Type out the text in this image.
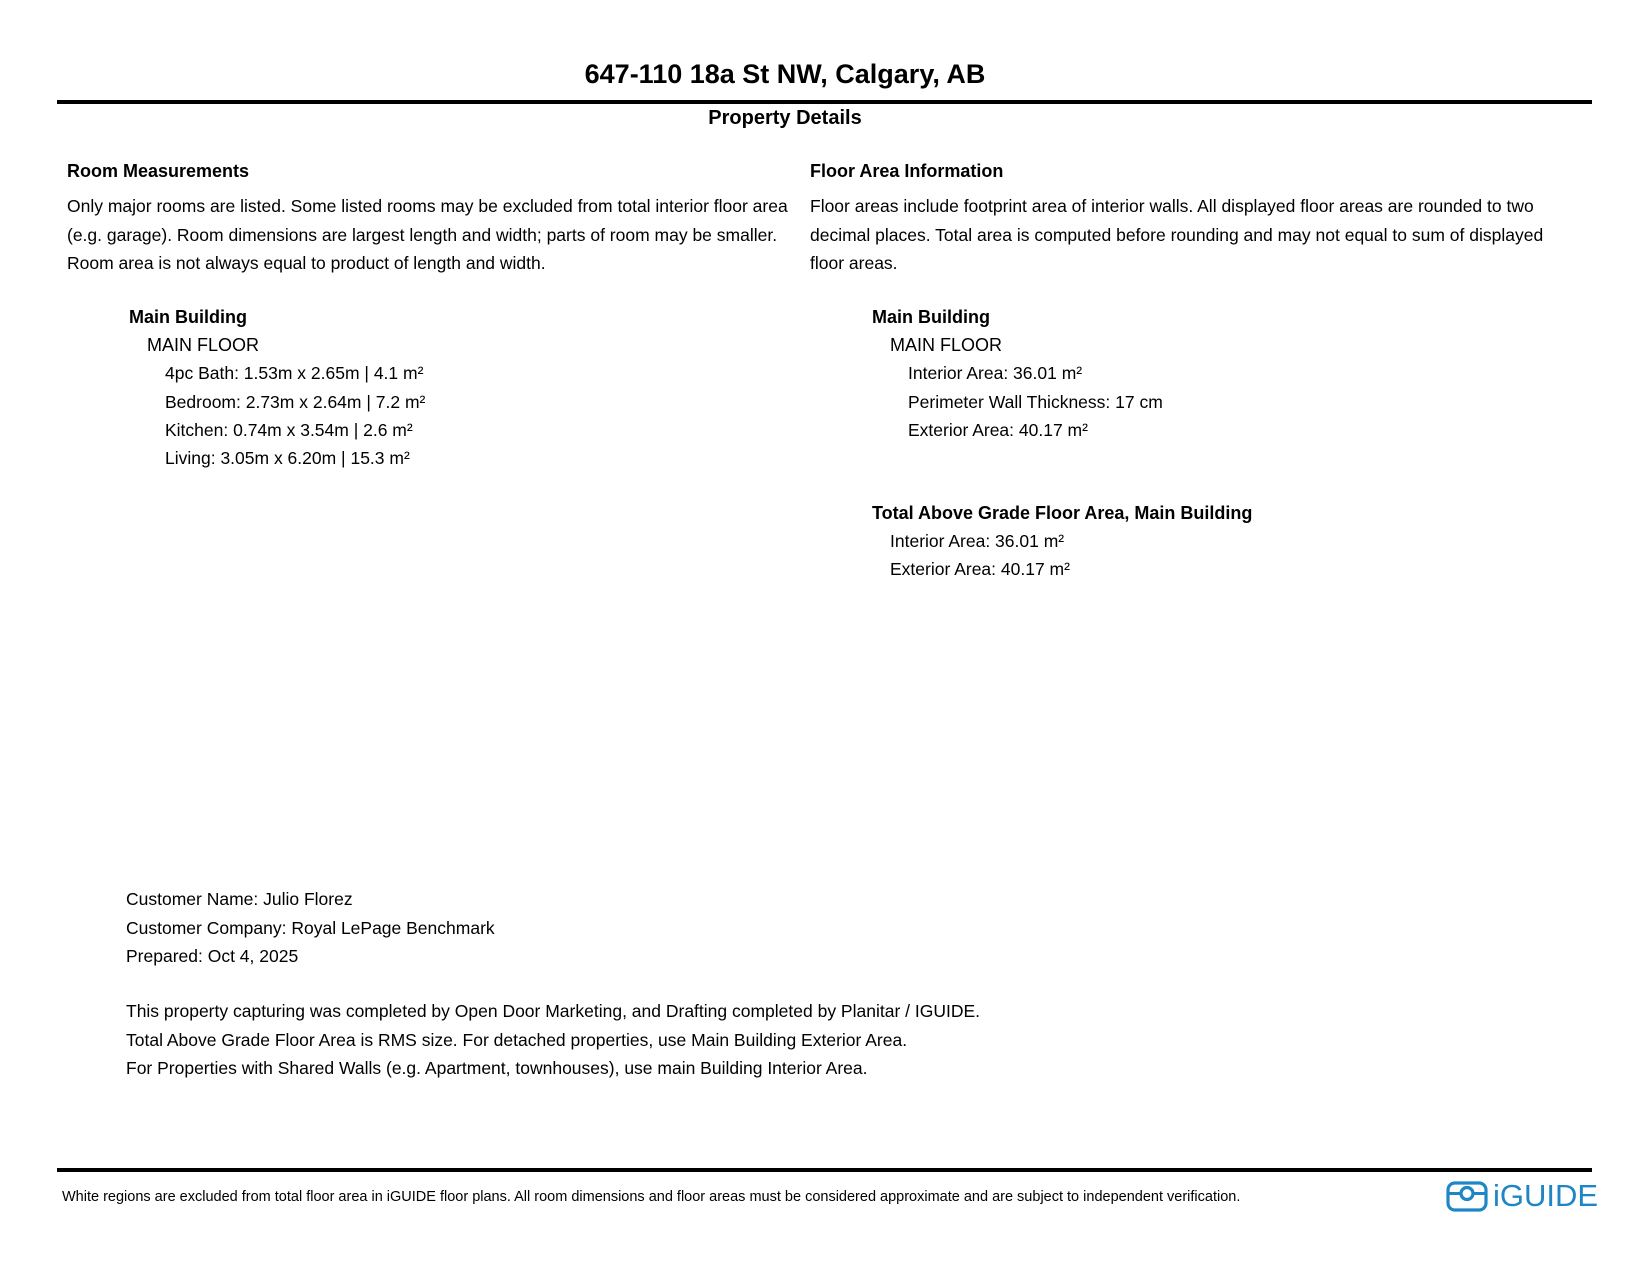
647-110 18a St NW, Calgary, AB
Property Details
Room Measurements
Only major rooms are listed. Some listed rooms may be excluded from total interior floor area
(e.g. garage). Room dimensions are largest length and width; parts of room may be smaller.
Room area is not always equal to product of length and width.
Main Building
MAIN FLOOR
4pc Bath: 1.53m x 2.65m | 4.1 m²
Bedroom: 2.73m x 2.64m | 7.2 m²
Kitchen: 0.74m x 3.54m | 2.6 m²
Living: 3.05m x 6.20m | 15.3 m²
Floor Area Information
Floor areas include footprint area of interior walls. All displayed floor areas are rounded to two
decimal places. Total area is computed before rounding and may not equal to sum of displayed
floor areas.
Main Building
MAIN FLOOR
Interior Area: 36.01 m²
Perimeter Wall Thickness: 17 cm
Exterior Area: 40.17 m²
Total Above Grade Floor Area, Main Building
Interior Area: 36.01 m²
Exterior Area: 40.17 m²
Customer Name: Julio Florez
Customer Company: Royal LePage Benchmark
Prepared: Oct 4, 2025
This property capturing was completed by Open Door Marketing, and Drafting completed by Planitar / IGUIDE.
Total Above Grade Floor Area is RMS size. For detached properties, use Main Building Exterior Area.
For Properties with Shared Walls (e.g. Apartment, townhouses), use main Building Interior Area.
White regions are excluded from total floor area in iGUIDE floor plans. All room dimensions and floor areas must be considered approximate and are subject to independent verification.	iGUIDE
